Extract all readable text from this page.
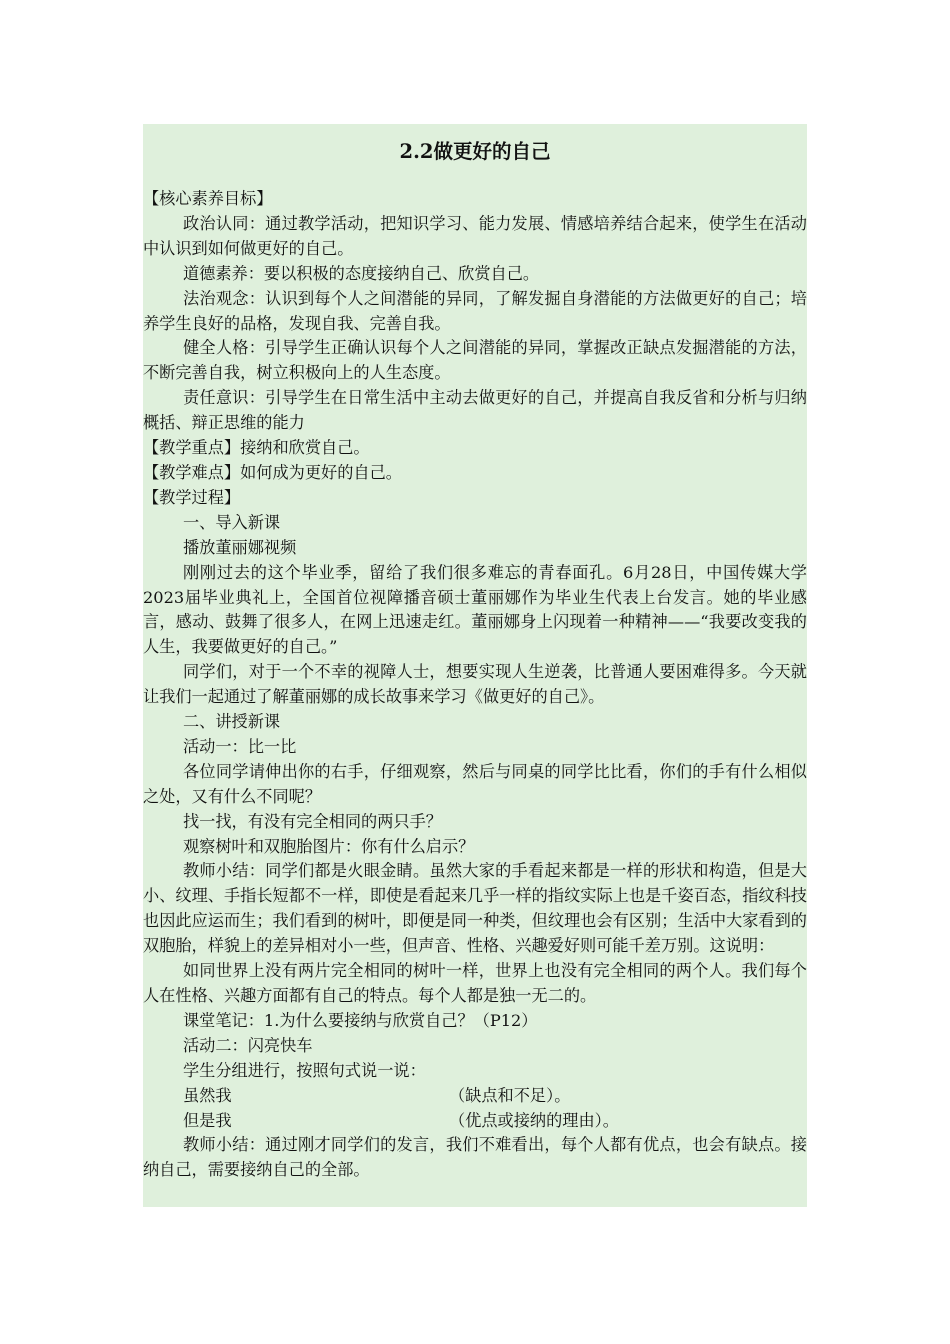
2.2做更好的自己

【核心素养目标】

政治认同：通过教学活动，把知识学习、能力发展、情感培养结合起来，使学生在活动中认识到如何做更好的自己。

道德素养：要以积极的态度接纳自己、欣赏自己。

法治观念：认识到每个人之间潜能的异同，了解发掘自身潜能的方法做更好的自己；培养学生良好的品格，发现自我、完善自我。

健全人格：引导学生正确认识每个人之间潜能的异同，掌握改正缺点发掘潜能的方法，不断完善自我，树立积极向上的人生态度。

责任意识：引导学生在日常生活中主动去做更好的自己，并提高自我反省和分析与归纳概括、辩正思维的能力

【教学重点】接纳和欣赏自己。

【教学难点】如何成为更好的自己。

【教学过程】

一、导入新课

播放董丽娜视频

刚刚过去的这个毕业季，留给了我们很多难忘的青春面孔。6月28日，中国传媒大学2023届毕业典礼上，全国首位视障播音硕士董丽娜作为毕业生代表上台发言。她的毕业感言，感动、鼓舞了很多人，在网上迅速走红。董丽娜身上闪现着一种精神——“我要改变我的人生，我要做更好的自己。”

同学们，对于一个不幸的视障人士，想要实现人生逆袭，比普通人要困难得多。今天就让我们一起通过了解董丽娜的成长故事来学习《做更好的自己》。

二、讲授新课

活动一：比一比

各位同学请伸出你的右手，仔细观察，然后与同桌的同学比比看，你们的手有什么相似之处，又有什么不同呢？

找一找，有没有完全相同的两只手？

观察树叶和双胞胎图片：你有什么启示？

教师小结：同学们都是火眼金睛。虽然大家的手看起来都是一样的形状和构造，但是大小、纹理、手指长短都不一样，即使是看起来几乎一样的指纹实际上也是千姿百态，指纹科技也因此应运而生；我们看到的树叶，即便是同一种类，但纹理也会有区别；生活中大家看到的双胞胎，样貌上的差异相对小一些，但声音、性格、兴趣爱好则可能千差万别。这说明：

如同世界上没有两片完全相同的树叶一样，世界上也没有完全相同的两个人。我们每个人在性格、兴趣方面都有自己的特点。每个人都是独一无二的。

课堂笔记：1.为什么要接纳与欣赏自己？（P12）

活动二：闪亮快车

学生分组进行，按照句式说一说：

虽然我	（缺点和不足）。

但是我	（优点或接纳的理由）。

教师小结：通过刚才同学们的发言，我们不难看出，每个人都有优点，也会有缺点。接纳自己，需要接纳自己的全部。
